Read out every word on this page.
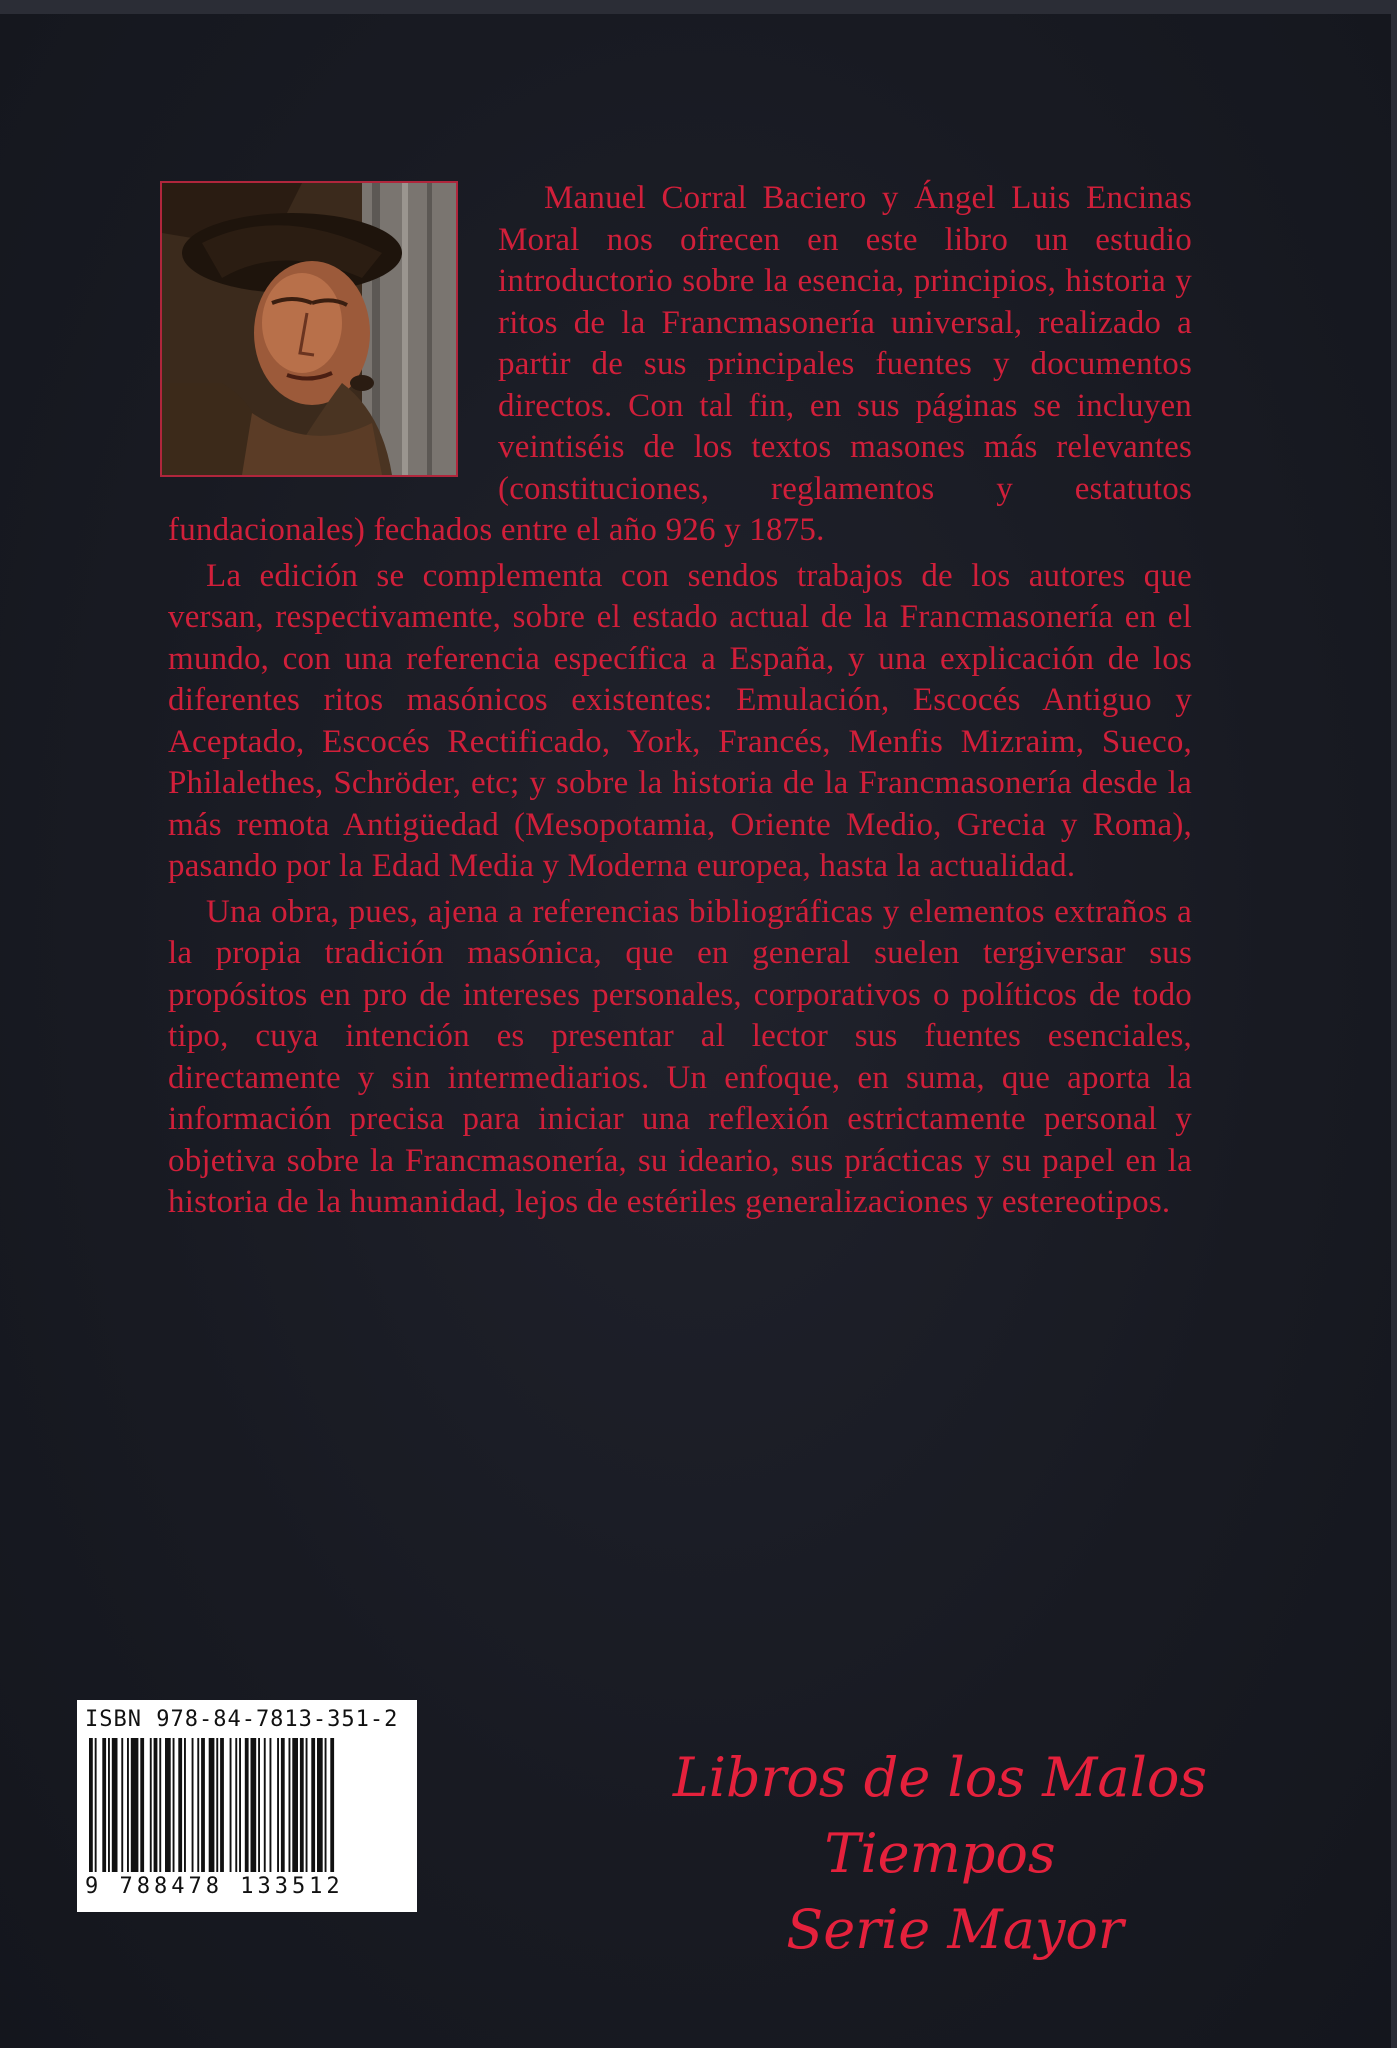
Manuel Corral Baciero y Ángel Luis Encinas Moral nos ofrecen en este libro un estudio introductorio sobre la esencia, principios, historia y ritos de la Francmasonería universal, realizado a partir de sus principales fuentes y documentos directos. Con tal fin, en sus páginas se incluyen veintiséis de los textos masones más relevantes (constituciones, reglamentos y estatutos fundacionales) fechados entre el año 926 y 1875.

La edición se complementa con sendos trabajos de los autores que versan, respectivamente, sobre el estado actual de la Francmasonería en el mundo, con una referencia específica a España, y una explicación de los diferentes ritos masónicos existentes: Emulación, Escocés Antiguo y Aceptado, Escocés Rectificado, York, Francés, Menfis Mizraim, Sueco, Philalethes, Schröder, etc; y sobre la historia de la Francmasonería desde la más remota Antigüedad (Mesopotamia, Oriente Medio, Grecia y Roma), pasando por la Edad Media y Moderna europea, hasta la actualidad.

Una obra, pues, ajena a referencias bibliográficas y elementos extraños a la propia tradición masónica, que en general suelen tergiversar sus propósitos en pro de intereses personales, corporativos o políticos de todo tipo, cuya intención es presentar al lector sus fuentes esenciales, directamente y sin intermediarios. Un enfoque, en suma, que aporta la información precisa para iniciar una reflexión estrictamente personal y objetiva sobre la Francmasonería, su ideario, sus prácticas y su papel en la historia de la humanidad, lejos de estériles generalizaciones y estereotipos.

ISBN 978-84-7813-351-2
9 788478 133512
Libros de los Malos Tiempos

Serie Mayor
